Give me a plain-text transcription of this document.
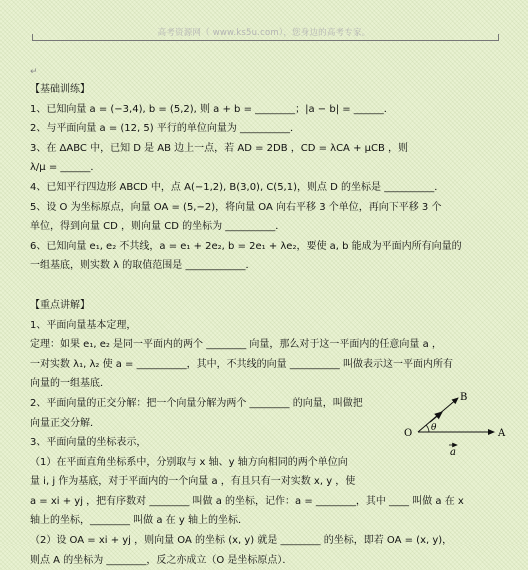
高考资源网（ www.ks5u.com），您身边的高考专家。
↵
【基础训练】
1、已知向量 a = (−3,4), b = (5,2), 则 a + b = ________；|a − b| = ______．
2、与平面向量 a = (12, 5) 平行的单位向量为 __________．
3、在 ΔABC 中，已知 D 是 AB 边上一点，若 AD = 2DB ，CD = λCA + μCB ，则
λ/μ = ______．
4、已知平行四边形 ABCD 中，点 A(−1,2), B(3,0), C(5,1)，则点 D 的坐标是 __________．
5、设 O 为坐标原点，向量 OA = (5,−2)，将向量 OA 向右平移 3 个单位，再向下平移 3 个
单位，得到向量 CD ，则向量 CD 的坐标为 __________．
6、已知向量 e₁, e₂ 不共线，a = e₁ + 2e₂, b = 2e₁ + λe₂，要使 a, b 能成为平面内所有向量的
一组基底，则实数 λ 的取值范围是 ____________．
【重点讲解】
1、平面向量基本定理，
定理：如果 e₁, e₂ 是同一平面内的两个 ________ 向量，那么对于这一平面内的任意向量 a ，
一对实数 λ₁, λ₂ 使 a = __________，其中，不共线的向量 __________ 叫做表示这一平面内所有
向量的一组基底．
2、平面向量的正交分解：把一个向量分解为两个 ________ 的向量，叫做把
向量正交分解．
3、平面向量的坐标表示，
（1）在平面直角坐标系中，分别取与 x 轴、y 轴方向相同的两个单位向
量 i, j 作为基底，对于平面内的一个向量 a ，有且只有一对实数 x, y ，使
a = xi + yj ，把有序数对 ________ 叫做 a 的坐标，记作：a = ________，其中 ____ 叫做 a 在 x
轴上的坐标，________ 叫做 a 在 y 轴上的坐标．
（2）设 OA = xi + yj ，则向量 OA 的坐标 (x, y) 就是 ________ 的坐标，即若 OA = (x, y)，
则点 A 的坐标为 ________，反之亦成立（O 是坐标原点）．
O	A
B
θ
a
